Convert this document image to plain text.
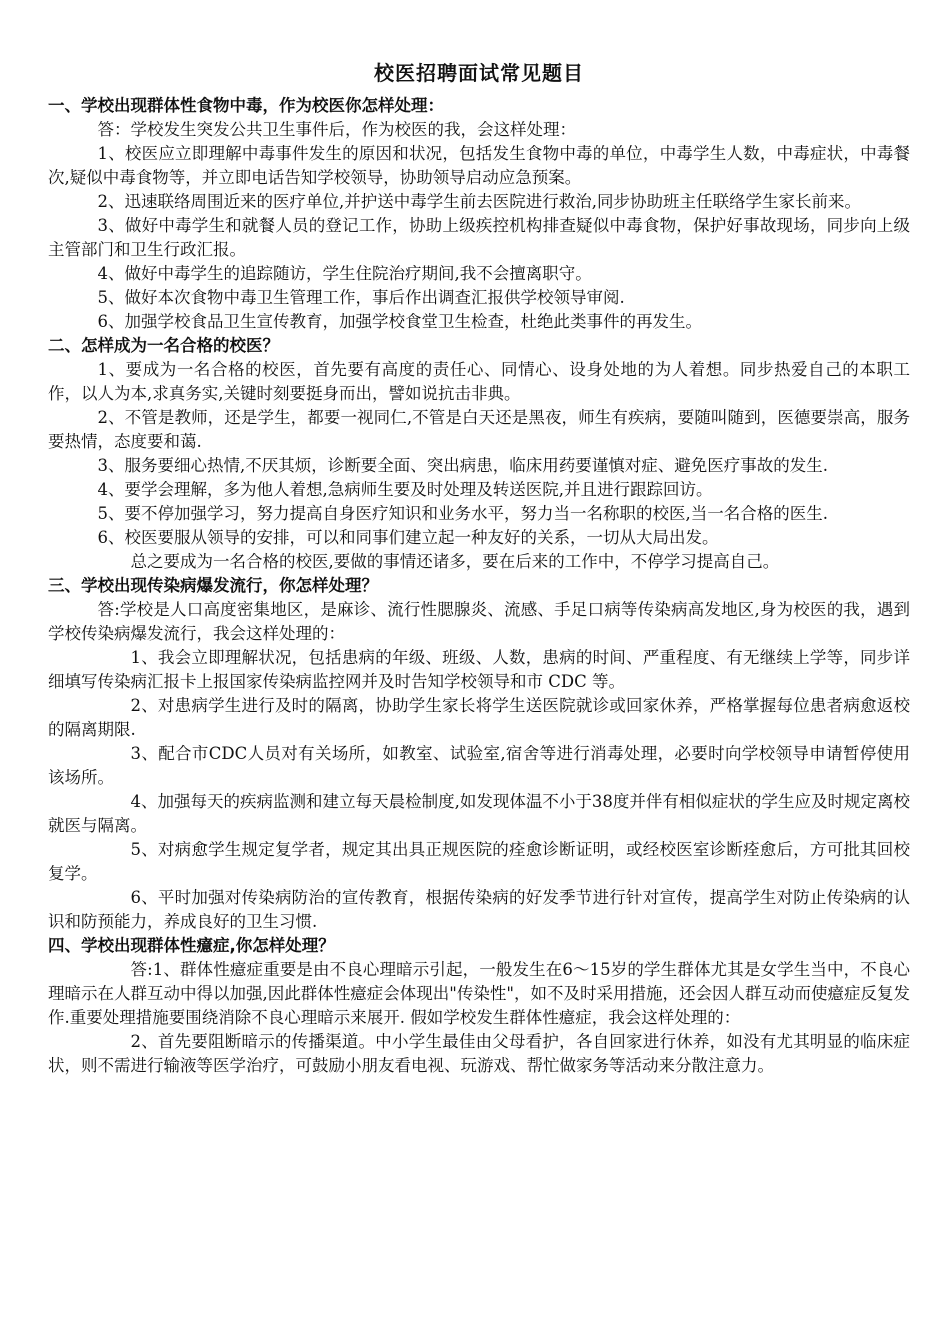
校医招聘面试常见题目
一、学校出现群体性食物中毒，作为校医你怎样处理：
答：学校发生突发公共卫生事件后，作为校医的我，会这样处理：
1、校医应立即理解中毒事件发生的原因和状况，包括发生食物中毒的单位，中毒学生人数，中毒症状，中毒餐次,疑似中毒食物等，并立即电话告知学校领导，协助领导启动应急预案。
2、迅速联络周围近来的医疗单位,并护送中毒学生前去医院进行救治,同步协助班主任联络学生家长前来。
3、做好中毒学生和就餐人员的登记工作，协助上级疾控机构排查疑似中毒食物，保护好事故现场，同步向上级主管部门和卫生行政汇报。
4、做好中毒学生的追踪随访，学生住院治疗期间,我不会擅离职守。
5、做好本次食物中毒卫生管理工作，事后作出调查汇报供学校领导审阅.
6、加强学校食品卫生宣传教育，加强学校食堂卫生检查，杜绝此类事件的再发生。
二、怎样成为一名合格的校医？
1、要成为一名合格的校医，首先要有高度的责任心、同情心、设身处地的为人着想。同步热爱自己的本职工作，以人为本,求真务实,关键时刻要挺身而出，譬如说抗击非典。
2、不管是教师，还是学生，都要一视同仁,不管是白天还是黑夜，师生有疾病，要随叫随到，医德要崇高，服务要热情，态度要和蔼.
3、服务要细心热情,不厌其烦，诊断要全面、突出病患，临床用药要谨慎对症、避免医疗事故的发生.
4、要学会理解，多为他人着想,急病师生要及时处理及转送医院,并且进行跟踪回访。
5、要不停加强学习，努力提高自身医疗知识和业务水平，努力当一名称职的校医,当一名合格的医生.
6、校医要服从领导的安排，可以和同事们建立起一种友好的关系，一切从大局出发。
总之要成为一名合格的校医,要做的事情还诸多，要在后来的工作中，不停学习提高自己。
三、学校出现传染病爆发流行，你怎样处理？
答:学校是人口高度密集地区，是麻诊、流行性腮腺炎、流感、手足口病等传染病高发地区,身为校医的我，遇到学校传染病爆发流行，我会这样处理的：
1、我会立即理解状况，包括患病的年级、班级、人数，患病的时间、严重程度、有无继续上学等，同步详细填写传染病汇报卡上报国家传染病监控网并及时告知学校领导和市 CDC 等。
2、对患病学生进行及时的隔离，协助学生家长将学生送医院就诊或回家休养，严格掌握每位患者病愈返校的隔离期限.
3、配合市CDC人员对有关场所，如教室、试验室,宿舍等进行消毒处理，必要时向学校领导申请暂停使用该场所。
4、加强每天的疾病监测和建立每天晨检制度,如发现体温不小于38度并伴有相似症状的学生应及时规定离校就医与隔离。
5、对病愈学生规定复学者，规定其出具正规医院的痊愈诊断证明，或经校医室诊断痊愈后，方可批其回校复学。
6、平时加强对传染病防治的宣传教育，根据传染病的好发季节进行针对宣传，提高学生对防止传染病的认识和防预能力，养成良好的卫生习惯.
四、学校出现群体性癔症,你怎样处理？
答:1、群体性癔症重要是由不良心理暗示引起，一般发生在6～15岁的学生群体尤其是女学生当中，不良心理暗示在人群互动中得以加强,因此群体性癔症会体现出"传染性"，如不及时采用措施，还会因人群互动而使癔症反复发作.重要处理措施要围绕消除不良心理暗示来展开. 假如学校发生群体性癔症，我会这样处理的：
2、首先要阻断暗示的传播渠道。中小学生最佳由父母看护，各自回家进行休养，如没有尤其明显的临床症状，则不需进行输液等医学治疗，可鼓励小朋友看电视、玩游戏、帮忙做家务等活动来分散注意力。
